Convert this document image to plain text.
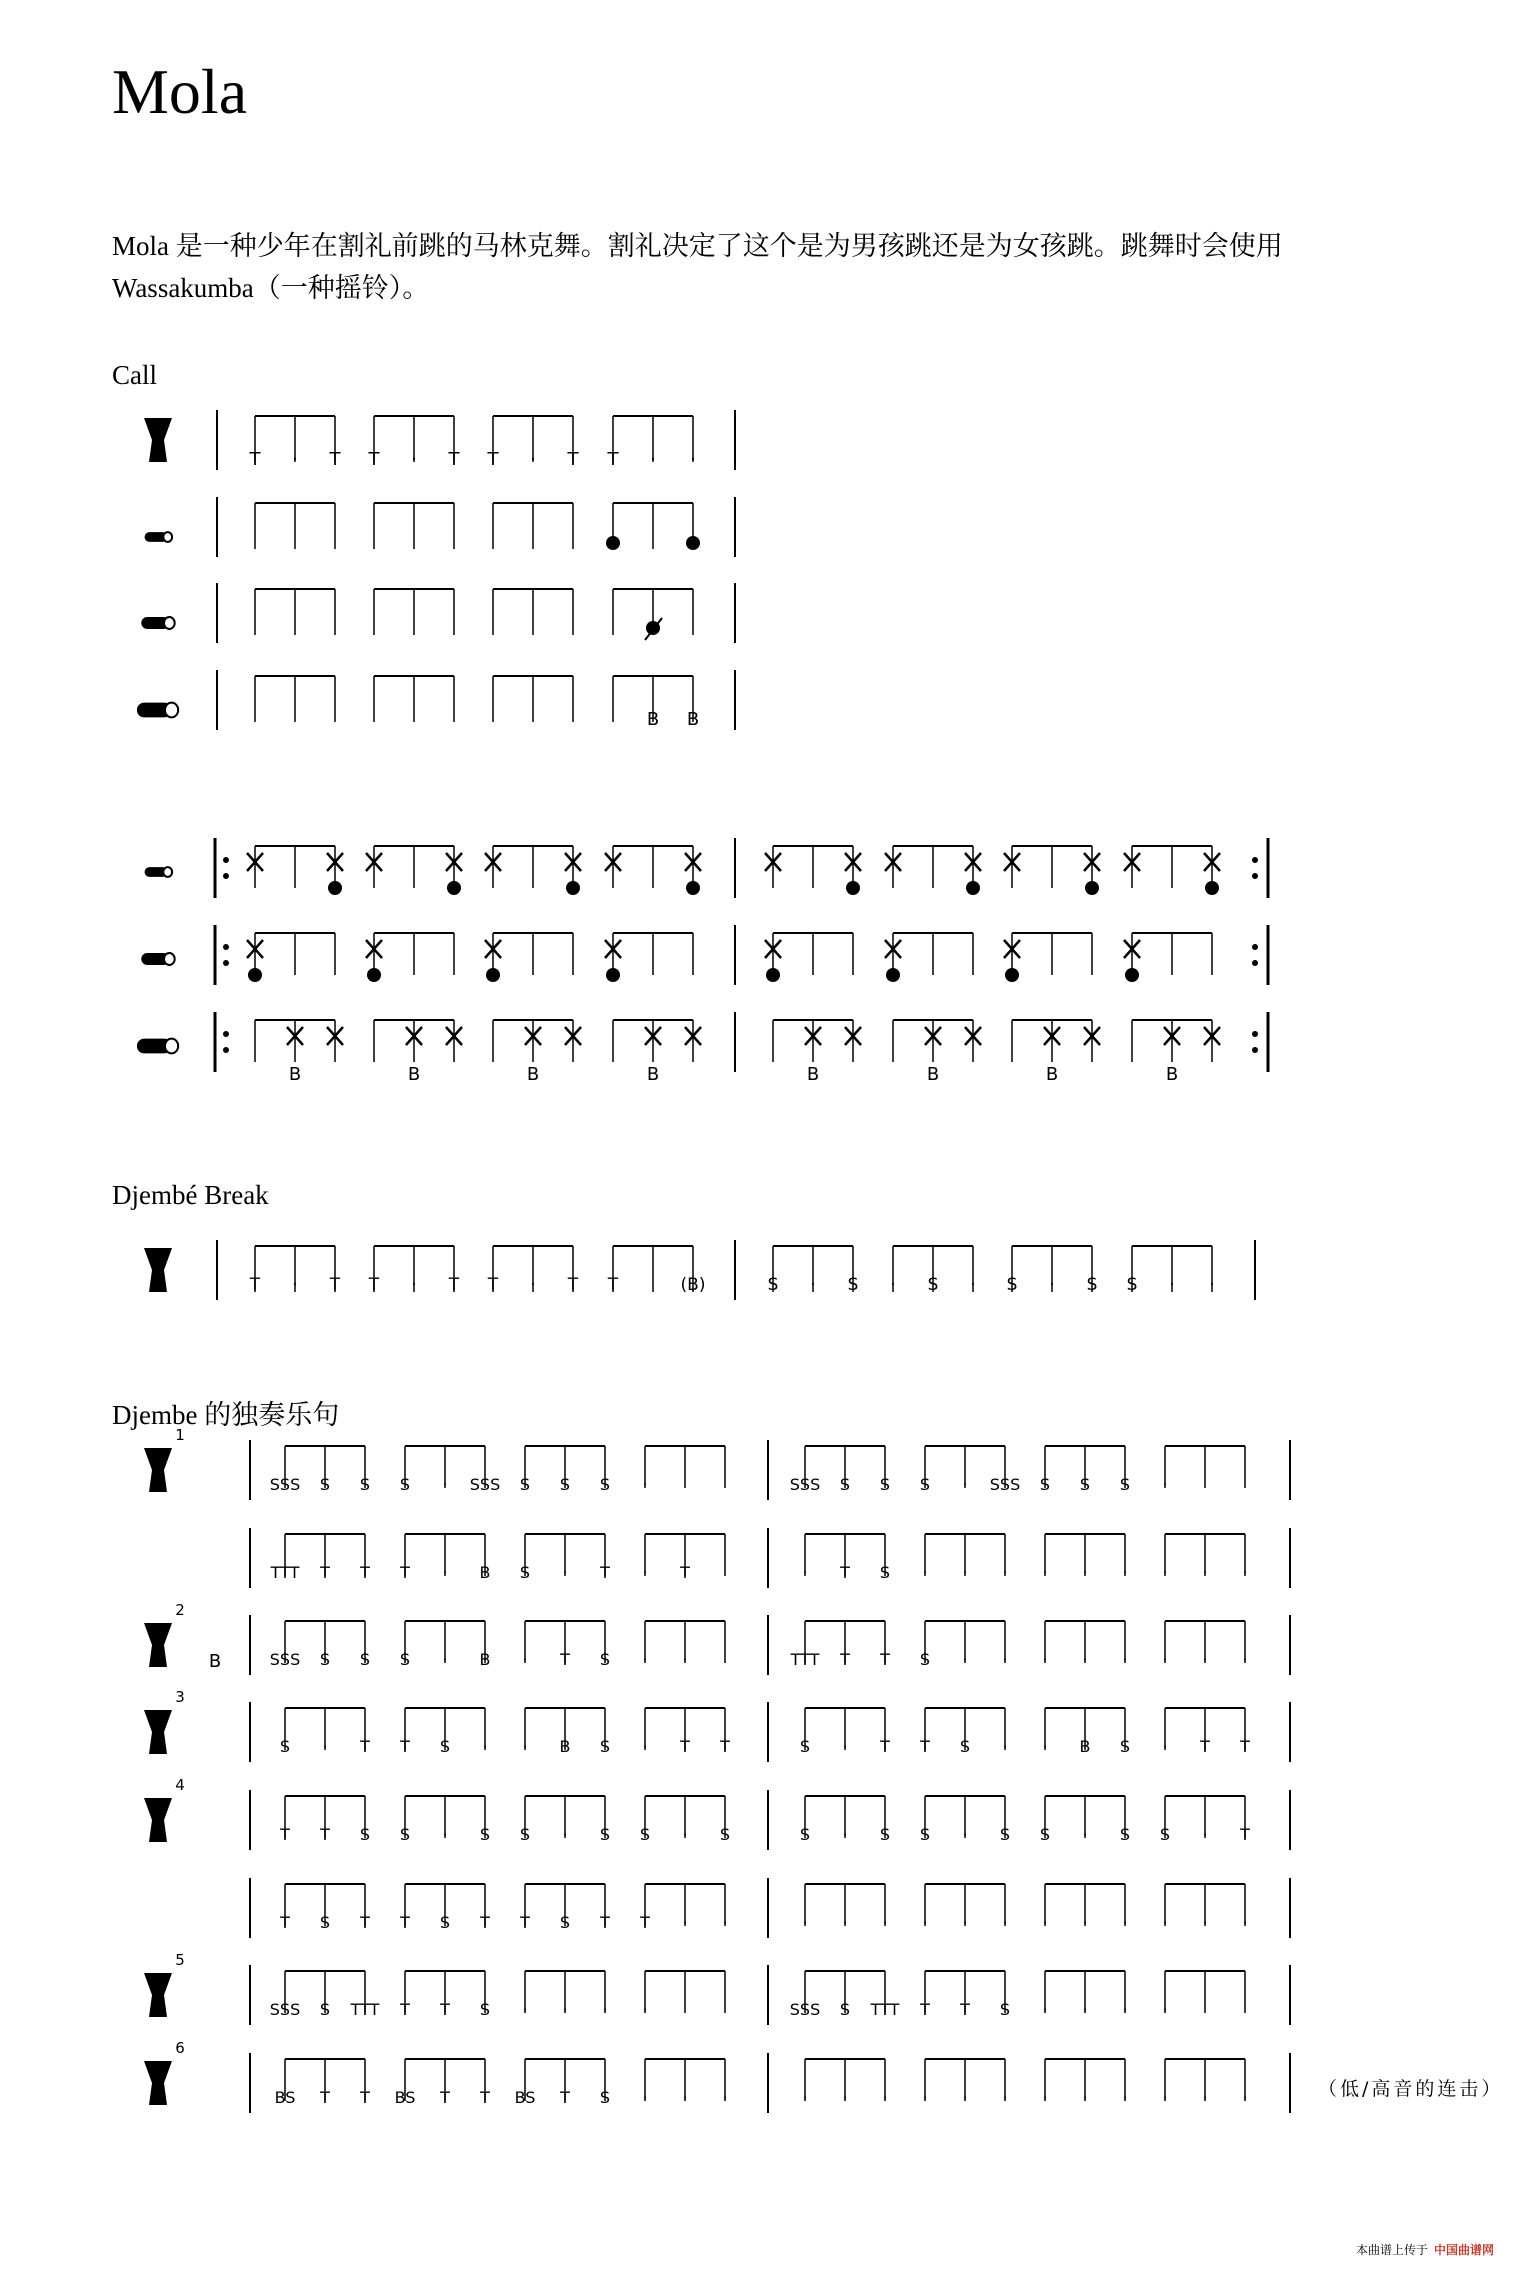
Mola
Mola 是一种少年在割礼前跳的马林克舞。割礼决定了这个是为男孩跳还是为女孩跳。跳舞时会使用 Wassakumba（一种摇铃）。
Call
Djembé Break
Djembe 的独奏乐句
（低/高音的连击）
本曲谱上传于 中国曲谱网
T · T T · T T · T T · ·
B B
B	B	B	B	B	B	B	B
T · T T · T T · T T	(B)	S · S · S · S · S S · ·
1
SSS S S S · SSS S S S ·	SSS S S S · SSS S S S ·
TTT T T T · B S · T · T	· T S · · · · · · · · ·
2
B	SSS S S S · B · T S · ·	TTT T T S · · · · · · · ·
3
S · T T S · · B S · T T	S · T T S · · B S · T T
4
T T S S · S S · S S · S	S · S S · S S · S S · T
T S T T S T T S T T · ·	· · · · · · · · · · · ·
5
SSS S TTT T T S · · · ·	SSS S TTT T T S · · · ·
6
BS T T BS T T BS T S · · ·	· · · · · · · · · · · ·
